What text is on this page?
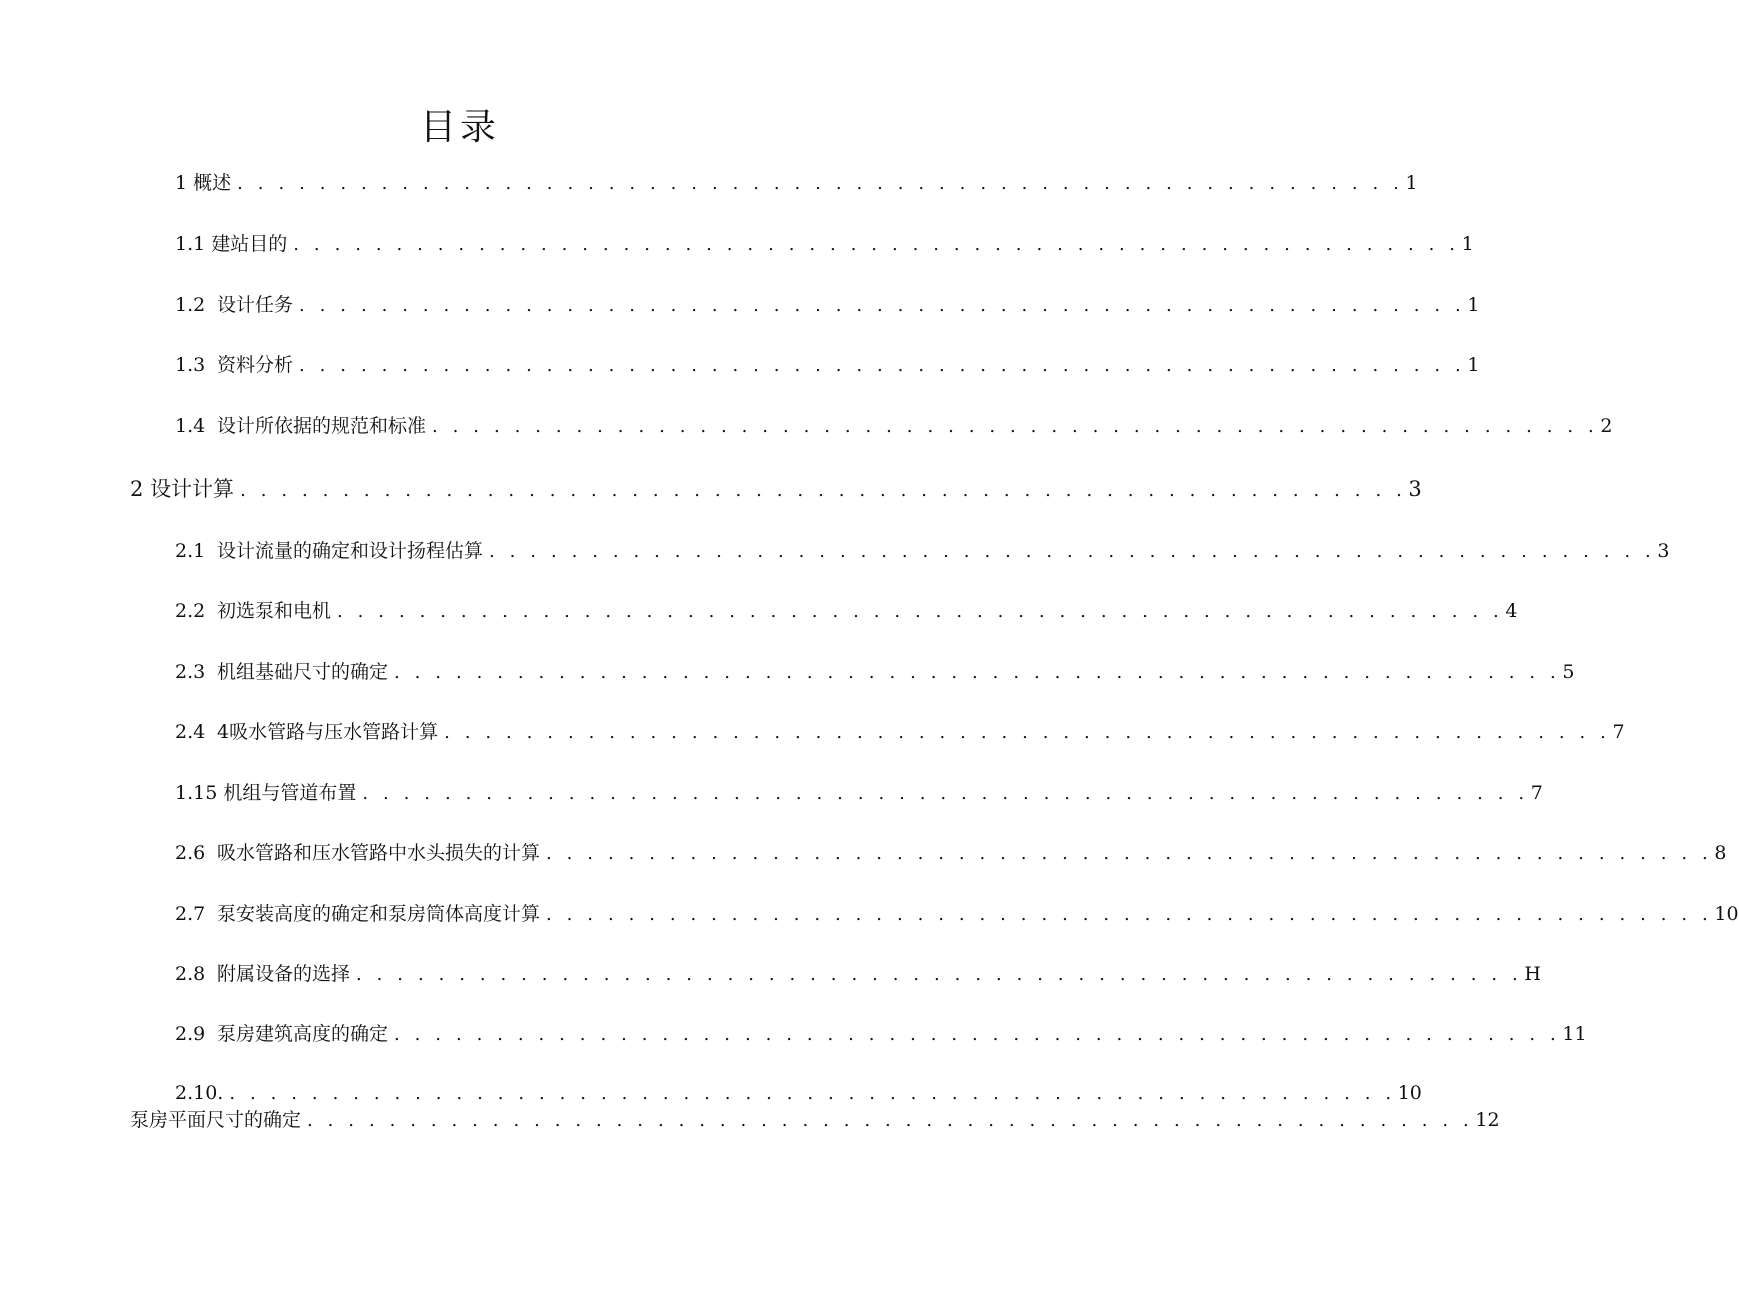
目录
1 概述 . . . . . . . . . . . . . . . . . . . . . . . . . . . . . . . . . . . . . . . . . . . . . . . . . . . . . . . . . 1
1.1 建站目的 . . . . . . . . . . . . . . . . . . . . . . . . . . . . . . . . . . . . . . . . . . . . . . . . . . . . . . . . . 1
1.2 设计任务 . . . . . . . . . . . . . . . . . . . . . . . . . . . . . . . . . . . . . . . . . . . . . . . . . . . . . . . . . 1
1.3 资料分析 . . . . . . . . . . . . . . . . . . . . . . . . . . . . . . . . . . . . . . . . . . . . . . . . . . . . . . . . . 1
1.4 设计所依据的规范和标准 . . . . . . . . . . . . . . . . . . . . . . . . . . . . . . . . . . . . . . . . . . . . . . . . . . . . . . . . . 2
2 设计计算 . . . . . . . . . . . . . . . . . . . . . . . . . . . . . . . . . . . . . . . . . . . . . . . . . . . . . . . . . 3
2.1 设计流量的确定和设计扬程估算 . . . . . . . . . . . . . . . . . . . . . . . . . . . . . . . . . . . . . . . . . . . . . . . . . . . . . . . . . 3
2.2 初选泵和电机 . . . . . . . . . . . . . . . . . . . . . . . . . . . . . . . . . . . . . . . . . . . . . . . . . . . . . . . . . 4
2.3 机组基础尺寸的确定 . . . . . . . . . . . . . . . . . . . . . . . . . . . . . . . . . . . . . . . . . . . . . . . . . . . . . . . . . 5
2.4 4吸水管路与压水管路计算 . . . . . . . . . . . . . . . . . . . . . . . . . . . . . . . . . . . . . . . . . . . . . . . . . . . . . . . . . 7
1.15 机组与管道布置 . . . . . . . . . . . . . . . . . . . . . . . . . . . . . . . . . . . . . . . . . . . . . . . . . . . . . . . . . 7
2.6 吸水管路和压水管路中水头损失的计算 . . . . . . . . . . . . . . . . . . . . . . . . . . . . . . . . . . . . . . . . . . . . . . . . . . . . . . . . . 8
2.7 泵安装高度的确定和泵房筒体高度计算 . . . . . . . . . . . . . . . . . . . . . . . . . . . . . . . . . . . . . . . . . . . . . . . . . . . . . . . . . 10
2.8 附属设备的选择 . . . . . . . . . . . . . . . . . . . . . . . . . . . . . . . . . . . . . . . . . . . . . . . . . . . . . . . . . H
2.9 泵房建筑高度的确定 . . . . . . . . . . . . . . . . . . . . . . . . . . . . . . . . . . . . . . . . . . . . . . . . . . . . . . . . . 11
2.10. . . . . . . . . . . . . . . . . . . . . . . . . . . . . . . . . . . . . . . . . . . . . . . . . . . . . . . . . . 10
泵房平面尺寸的确定 . . . . . . . . . . . . . . . . . . . . . . . . . . . . . . . . . . . . . . . . . . . . . . . . . . . . . . . . . 12
